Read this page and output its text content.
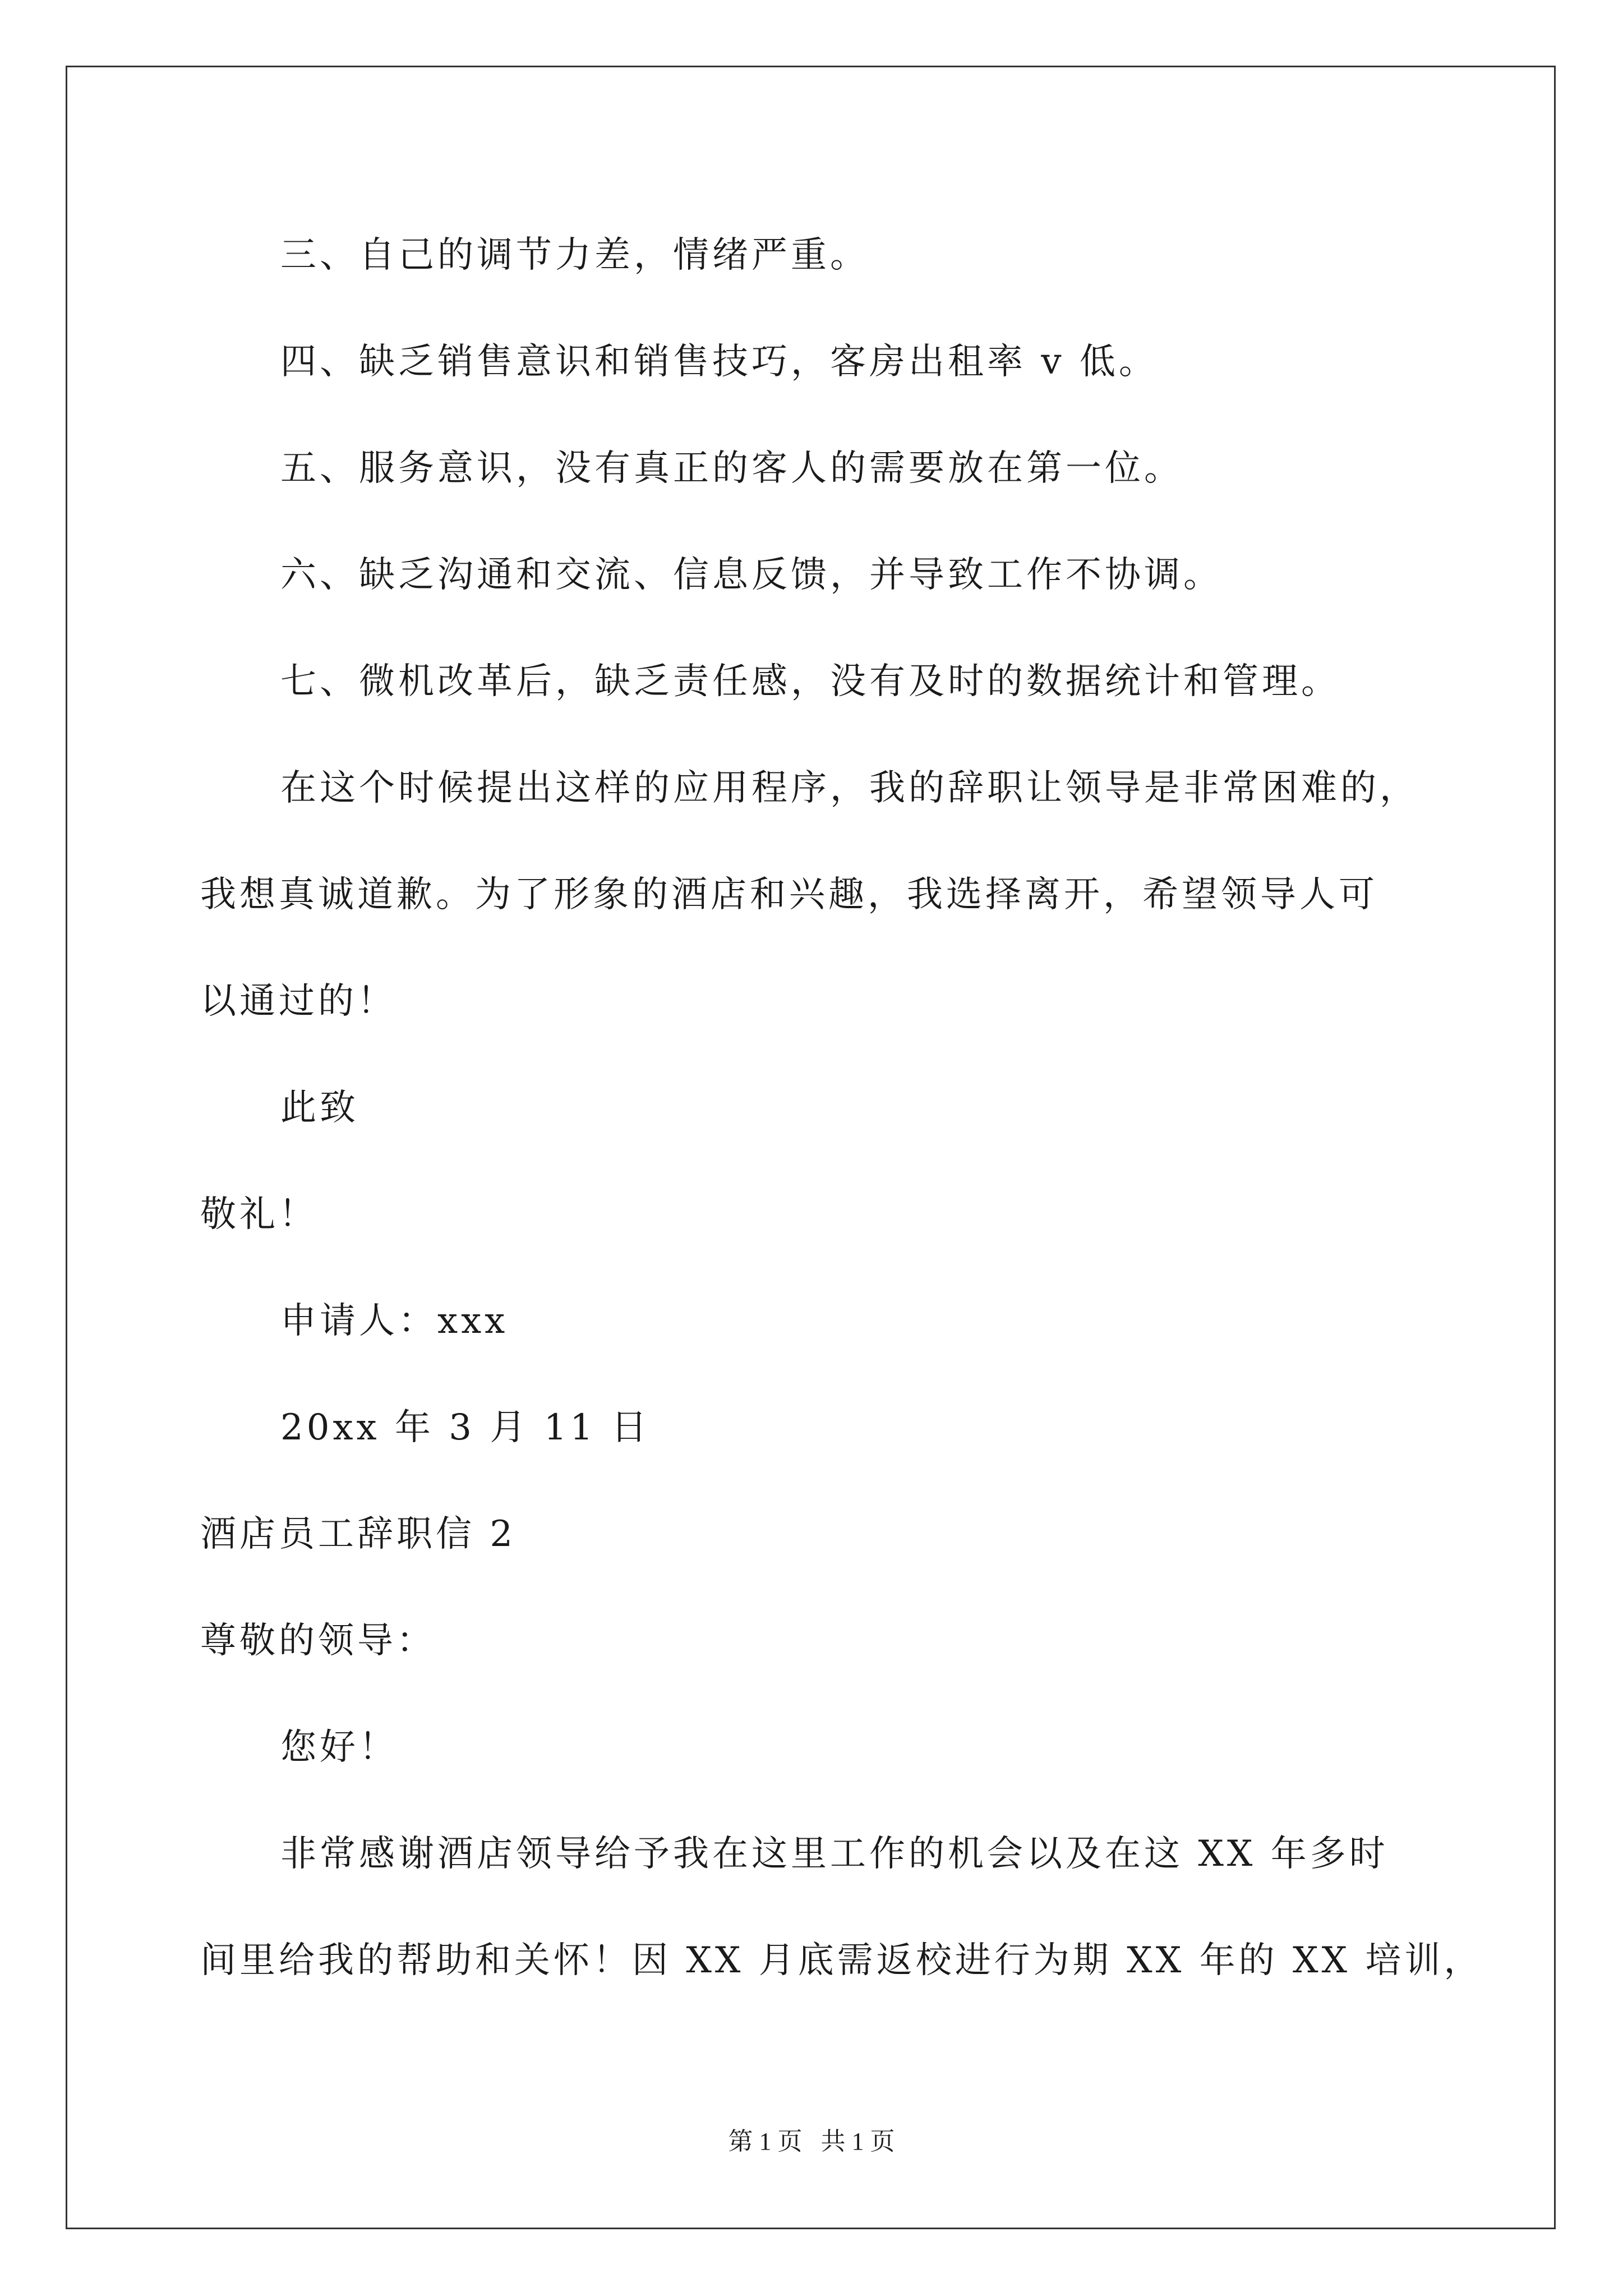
三、自己的调节力差，情绪严重。
四、缺乏销售意识和销售技巧，客房出租率 v 低。
五、服务意识，没有真正的客人的需要放在第一位。
六、缺乏沟通和交流、信息反馈，并导致工作不协调。
七、微机改革后，缺乏责任感，没有及时的数据统计和管理。
在这个时候提出这样的应用程序，我的辞职让领导是非常困难的，
我想真诚道歉。为了形象的酒店和兴趣，我选择离开，希望领导人可
以通过的！
此致
敬礼！
申请人：xxx
20xx 年 3 月 11 日
酒店员工辞职信 2
尊敬的领导：
您好！
非常感谢酒店领导给予我在这里工作的机会以及在这 XX 年多时
间里给我的帮助和关怀！因 XX 月底需返校进行为期 XX 年的 XX 培训，
第 1 页   共 1 页
